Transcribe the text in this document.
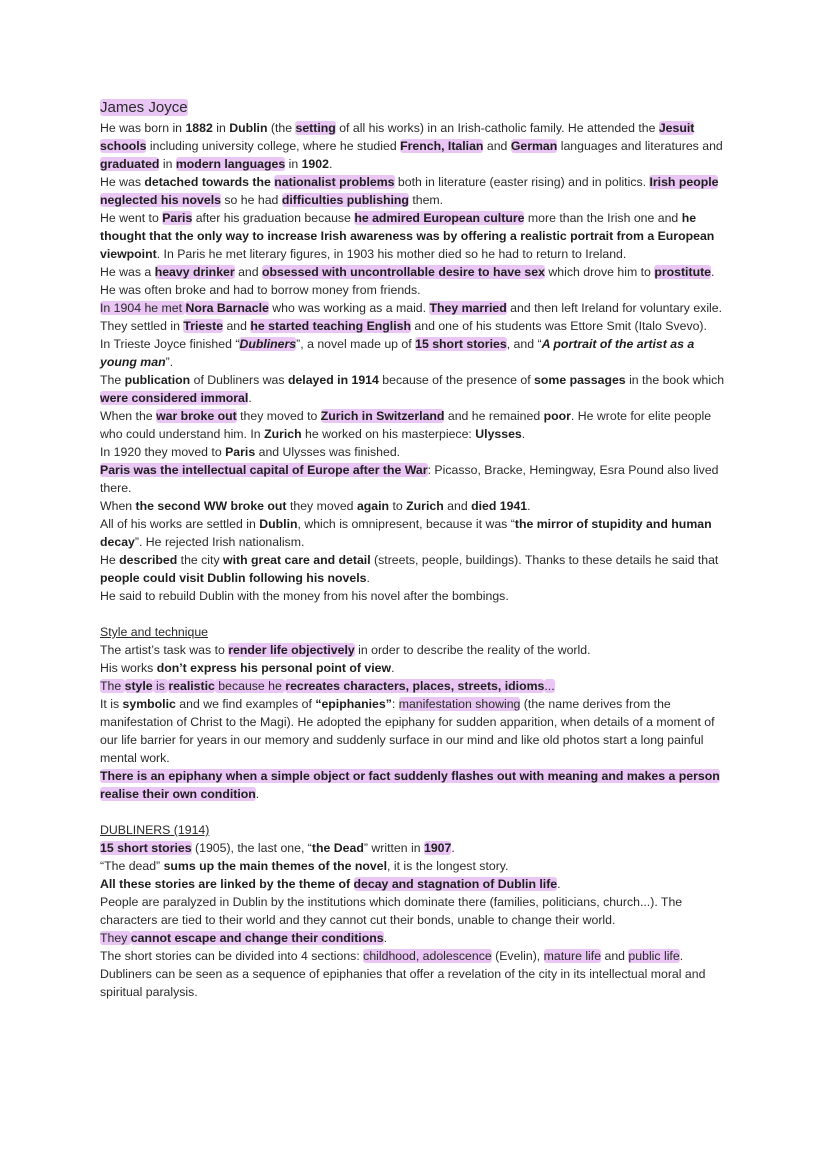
James Joyce

He was born in 1882 in Dublin (the setting of all his works) in an Irish-catholic family. He attended the Jesuit schools including university college, where he studied French, Italian and German languages and literatures and graduated in modern languages in 1902.

He was detached towards the nationalist problems both in literature (easter rising) and in politics. Irish people neglected his novels so he had difficulties publishing them.

He went to Paris after his graduation because he admired European culture more than the Irish one and he thought that the only way to increase Irish awareness was by offering a realistic portrait from a European viewpoint. In Paris he met literary figures, in 1903 his mother died so he had to return to Ireland.

He was a heavy drinker and obsessed with uncontrollable desire to have sex which drove him to prostitute. He was often broke and had to borrow money from friends.

In 1904 he met Nora Barnacle who was working as a maid. They married and then left Ireland for voluntary exile. They settled in Trieste and he started teaching English and one of his students was Ettore Smit (Italo Svevo).

In Trieste Joyce finished “Dubliners”, a novel made up of 15 short stories, and “A portrait of the artist as a young man”.

The publication of Dubliners was delayed in 1914 because of the presence of some passages in the book which were considered immoral.

When the war broke out they moved to Zurich in Switzerland and he remained poor. He wrote for elite people who could understand him. In Zurich he worked on his masterpiece: Ulysses.

In 1920 they moved to Paris and Ulysses was finished.

Paris was the intellectual capital of Europe after the War: Picasso, Bracke, Hemingway, Esra Pound also lived there.

When the second WW broke out they moved again to Zurich and died 1941.

All of his works are settled in Dublin, which is omnipresent, because it was “the mirror of stupidity and human decay”. He rejected Irish nationalism.

He described the city with great care and detail (streets, people, buildings). Thanks to these details he said that people could visit Dublin following his novels.

He said to rebuild Dublin with the money from his novel after the bombings.

Style and technique

The artist’s task was to render life objectively in order to describe the reality of the world.

His works don’t express his personal point of view.

The style is realistic because he recreates characters, places, streets, idioms...

It is symbolic and we find examples of “epiphanies”: manifestation showing (the name derives from the manifestation of Christ to the Magi). He adopted the epiphany for sudden apparition, when details of a moment of our life barrier for years in our memory and suddenly surface in our mind and like old photos start a long painful mental work.

There is an epiphany when a simple object or fact suddenly flashes out with meaning and makes a person realise their own condition.

DUBLINERS (1914)

15 short stories (1905), the last one, “the Dead” written in 1907.

“The dead” sums up the main themes of the novel, it is the longest story.

All these stories are linked by the theme of decay and stagnation of Dublin life.

People are paralyzed in Dublin by the institutions which dominate there (families, politicians, church...). The characters are tied to their world and they cannot cut their bonds, unable to change their world.

They cannot escape and change their conditions.

The short stories can be divided into 4 sections: childhood, adolescence (Evelin), mature life and public life.

Dubliners can be seen as a sequence of epiphanies that offer a revelation of the city in its intellectual moral and spiritual paralysis.
